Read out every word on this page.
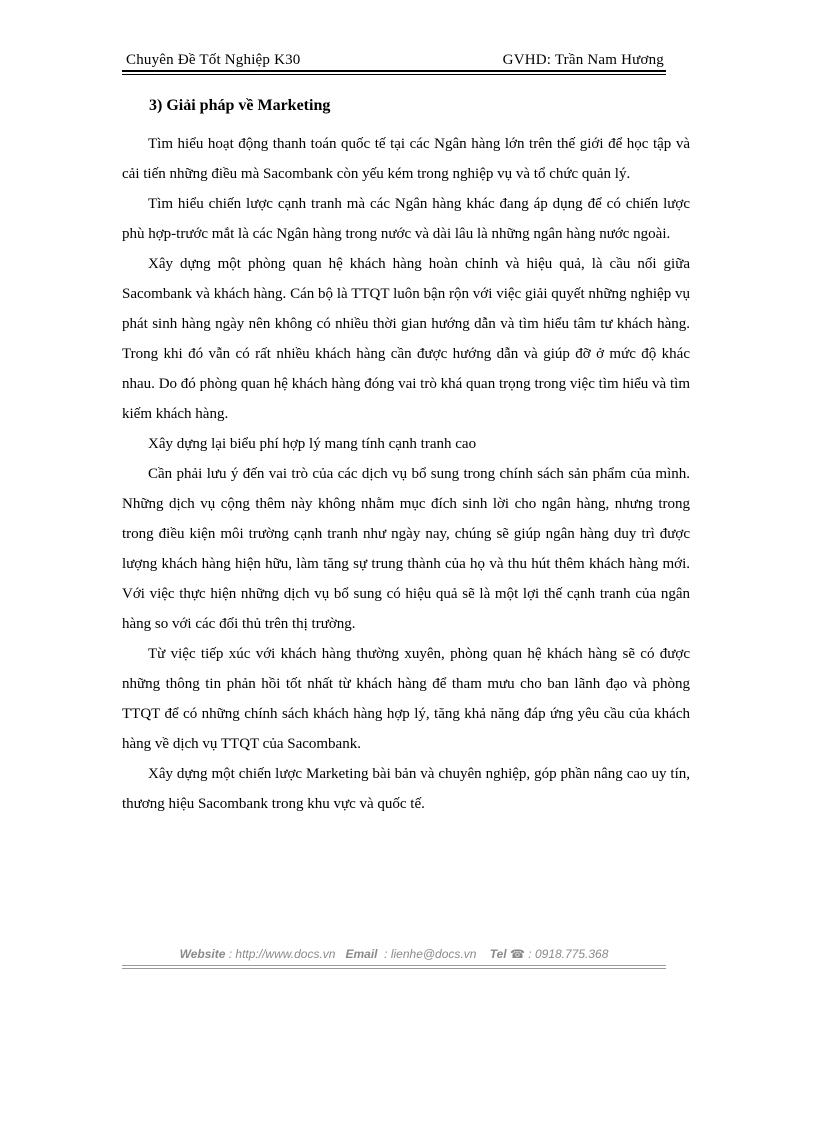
Chuyên Đề Tốt Nghiệp K30	GVHD: Trần Nam Hương
3) Giải pháp về Marketing

Tìm hiểu hoạt động thanh toán quốc tế tại các Ngân hàng lớn trên thế giới để học tập và cải tiến những điều mà Sacombank còn yếu kém trong nghiệp vụ và tổ chức quản lý.

Tìm hiểu chiến lược cạnh tranh mà các Ngân hàng khác đang áp dụng để có chiến lược phù hợp-trước mắt là các Ngân hàng trong nước và dài lâu là những ngân hàng nước ngoài.

Xây dựng một phòng quan hệ khách hàng hoàn chỉnh và hiệu quả, là cầu nối giữa Sacombank và khách hàng. Cán bộ là TTQT luôn bận rộn với việc giải quyết những nghiệp vụ phát sinh hàng ngày nên không có nhiều thời gian hướng dẫn và tìm hiểu tâm tư khách hàng. Trong khi đó vẫn có rất nhiều khách hàng cần được hướng dẫn và giúp đỡ ở mức độ khác nhau. Do đó phòng quan hệ khách hàng đóng vai trò khá quan trọng trong việc tìm hiểu và tìm kiếm khách hàng.

Xây dựng lại biểu phí hợp lý mang tính cạnh tranh cao

Cần phải lưu ý đến vai trò của các dịch vụ bổ sung trong chính sách sản phẩm của mình. Những dịch vụ cộng thêm này không nhằm mục đích sinh lời cho ngân hàng, nhưng trong trong điều kiện môi trường cạnh tranh như ngày nay, chúng sẽ giúp ngân hàng duy trì được lượng khách hàng hiện hữu, làm tăng sự trung thành của họ và thu hút thêm khách hàng mới. Với việc thực hiện những dịch vụ bổ sung có hiệu quả sẽ là một lợi thế cạnh tranh của ngân hàng so với các đối thủ trên thị trường.

Từ việc tiếp xúc với khách hàng thường xuyên, phòng quan hệ khách hàng sẽ có được những thông tin phản hồi tốt nhất từ khách hàng để tham mưu cho ban lãnh đạo và phòng TTQT để có những chính sách khách hàng hợp lý, tăng khả năng đáp ứng yêu cầu của khách hàng về dịch vụ TTQT của Sacombank.

Xây dựng một chiến lược Marketing bài bản và chuyên nghiệp, góp phần nâng cao uy tín, thương hiệu Sacombank trong khu vực và quốc tế.

Website : http://www.docs.vn Email : lienhe@docs.vn Tel ☎ : 0918.775.368
